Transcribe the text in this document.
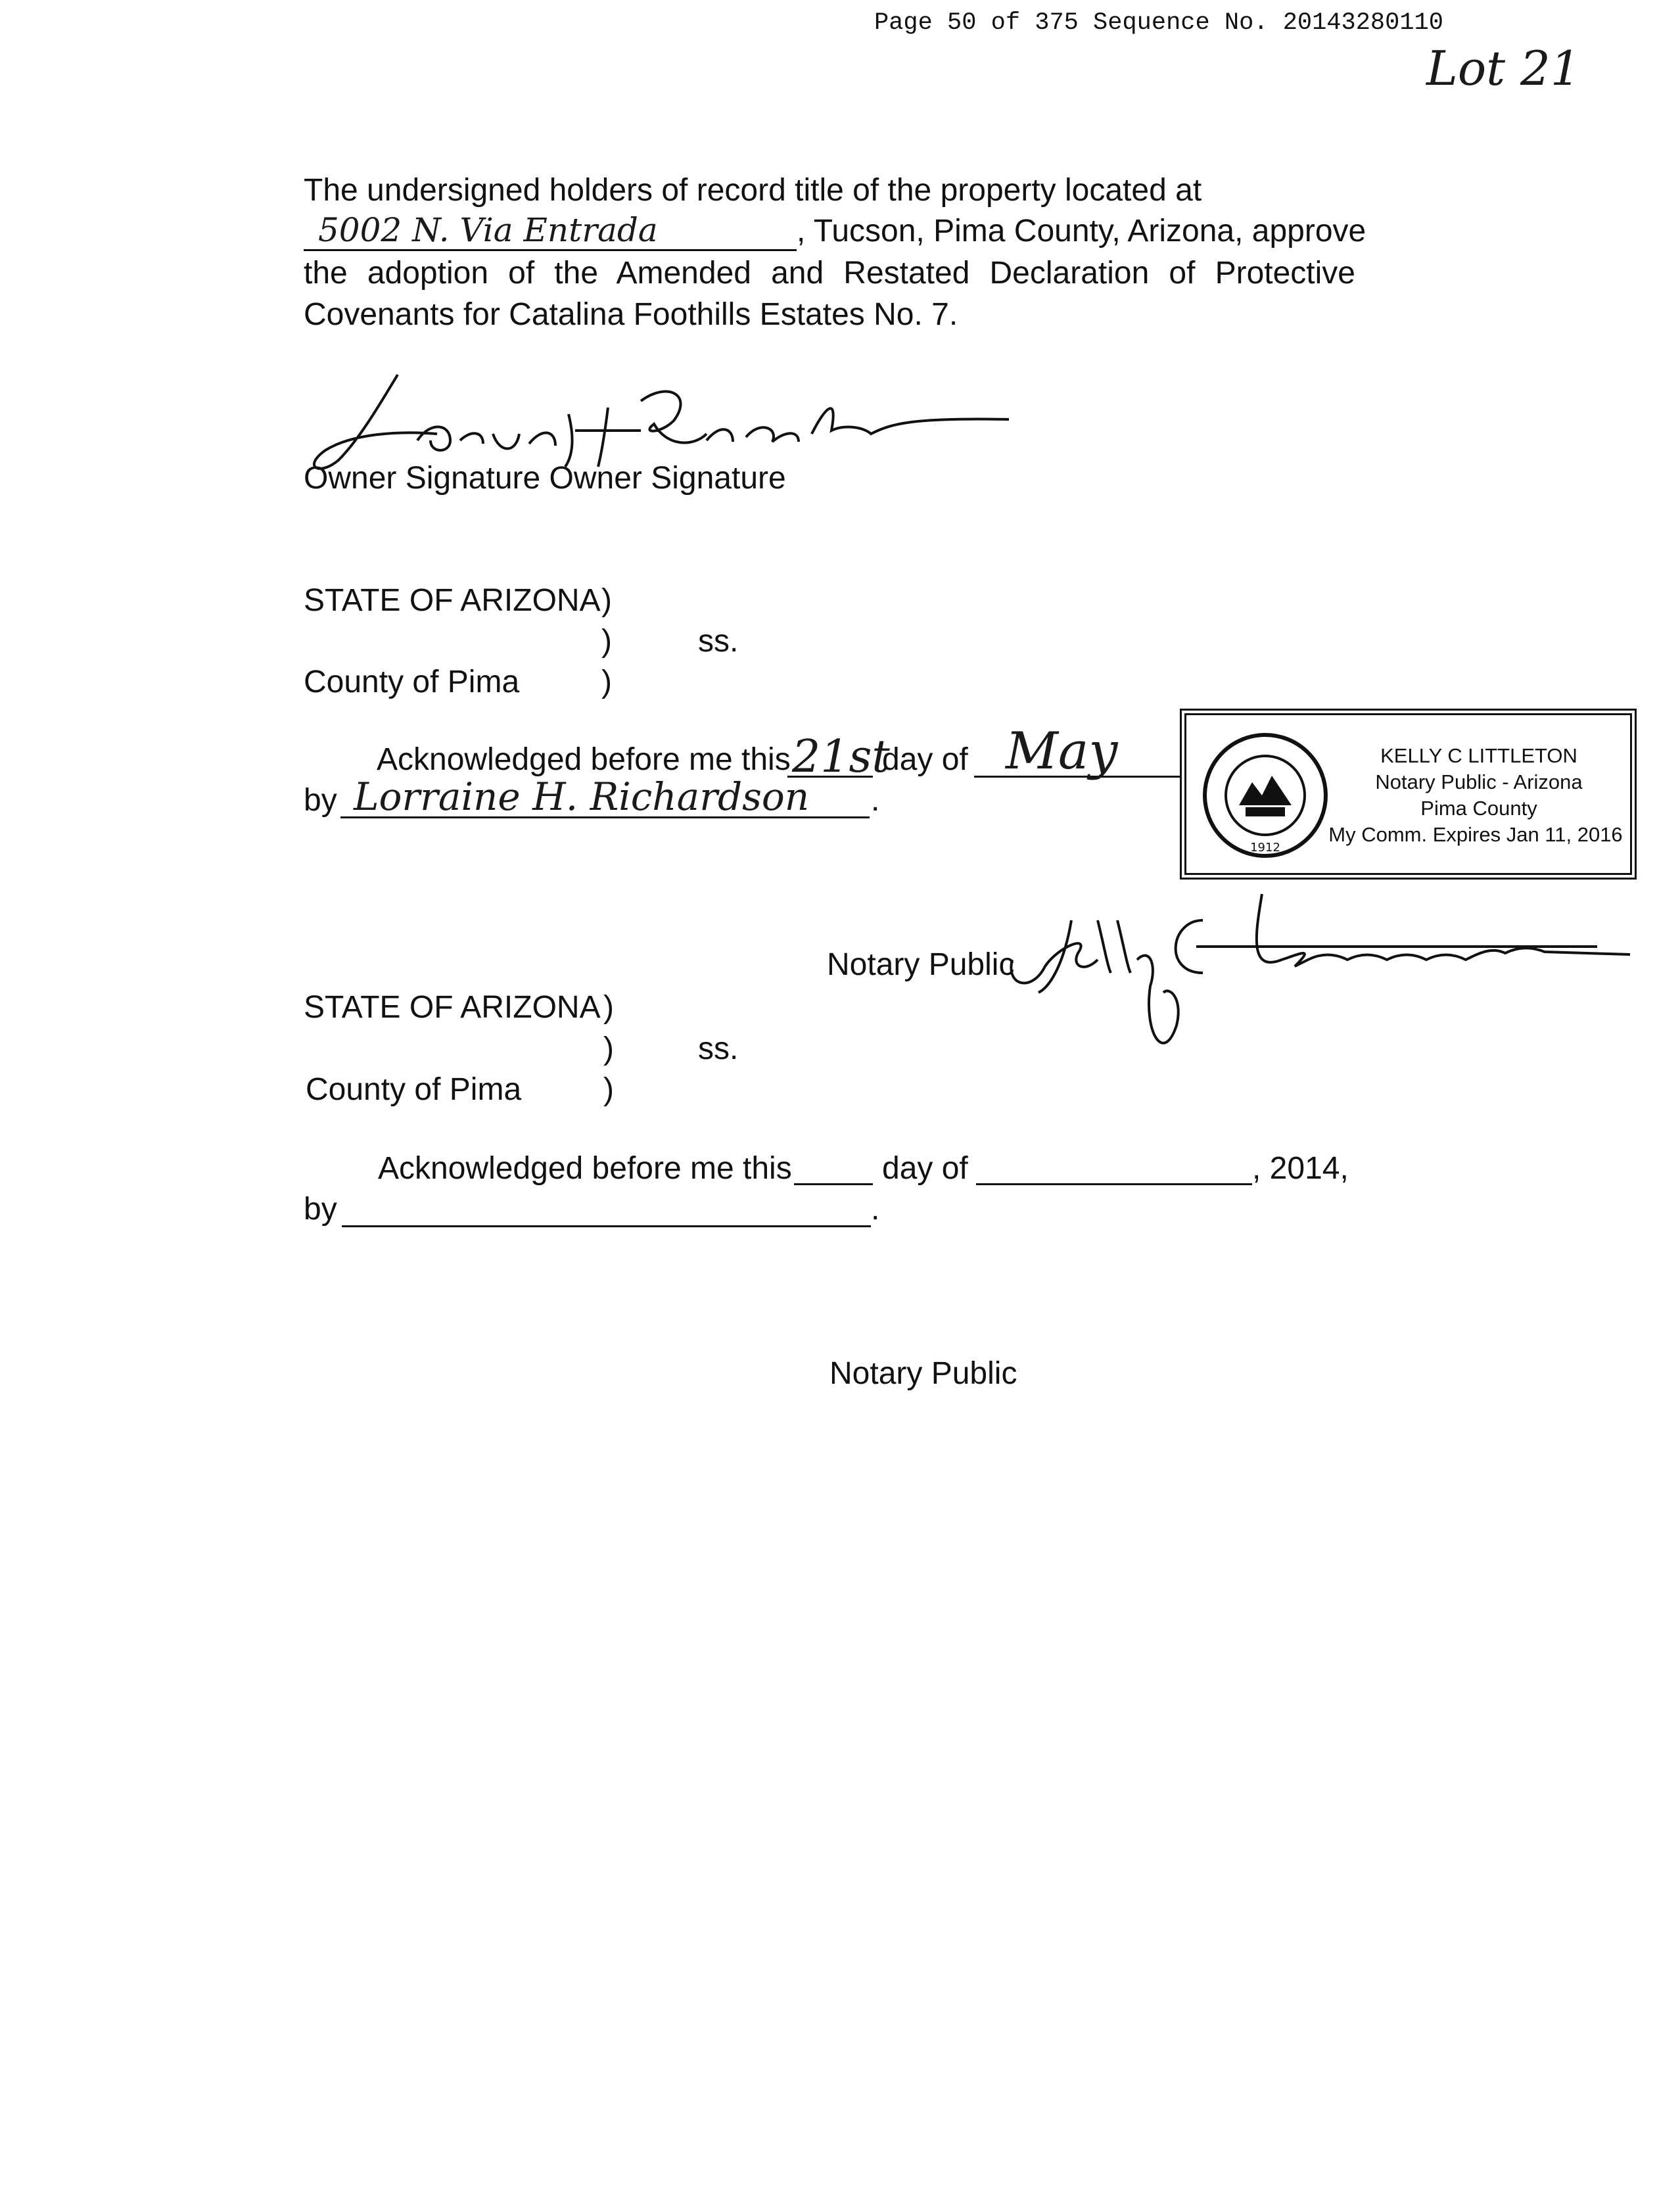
Page 50 of 375 Sequence No. 20143280110
Lot 21
The undersigned holders of record title of the property located at
5002 N. Via Entrada	, Tucson, Pima County, Arizona, approve
the adoption of the Amended and Restated Declaration of Protective
Covenants for Catalina Foothills Estates No. 7.
Owner Signature Owner Signature
STATE OF ARIZONA )
)	ss.
County of Pima	)
Acknowledged before me this 21st
day of May
by Lorraine H. Richardson .
1912
KELLY C LITTLETON
Notary Public - Arizona
Pima County
My Comm. Expires Jan 11, 2016
Notary Public
STATE OF ARIZONA )
)	ss.
County of Pima	)
Acknowledged before me this	day of	, 2014,
by	.
Notary Public
